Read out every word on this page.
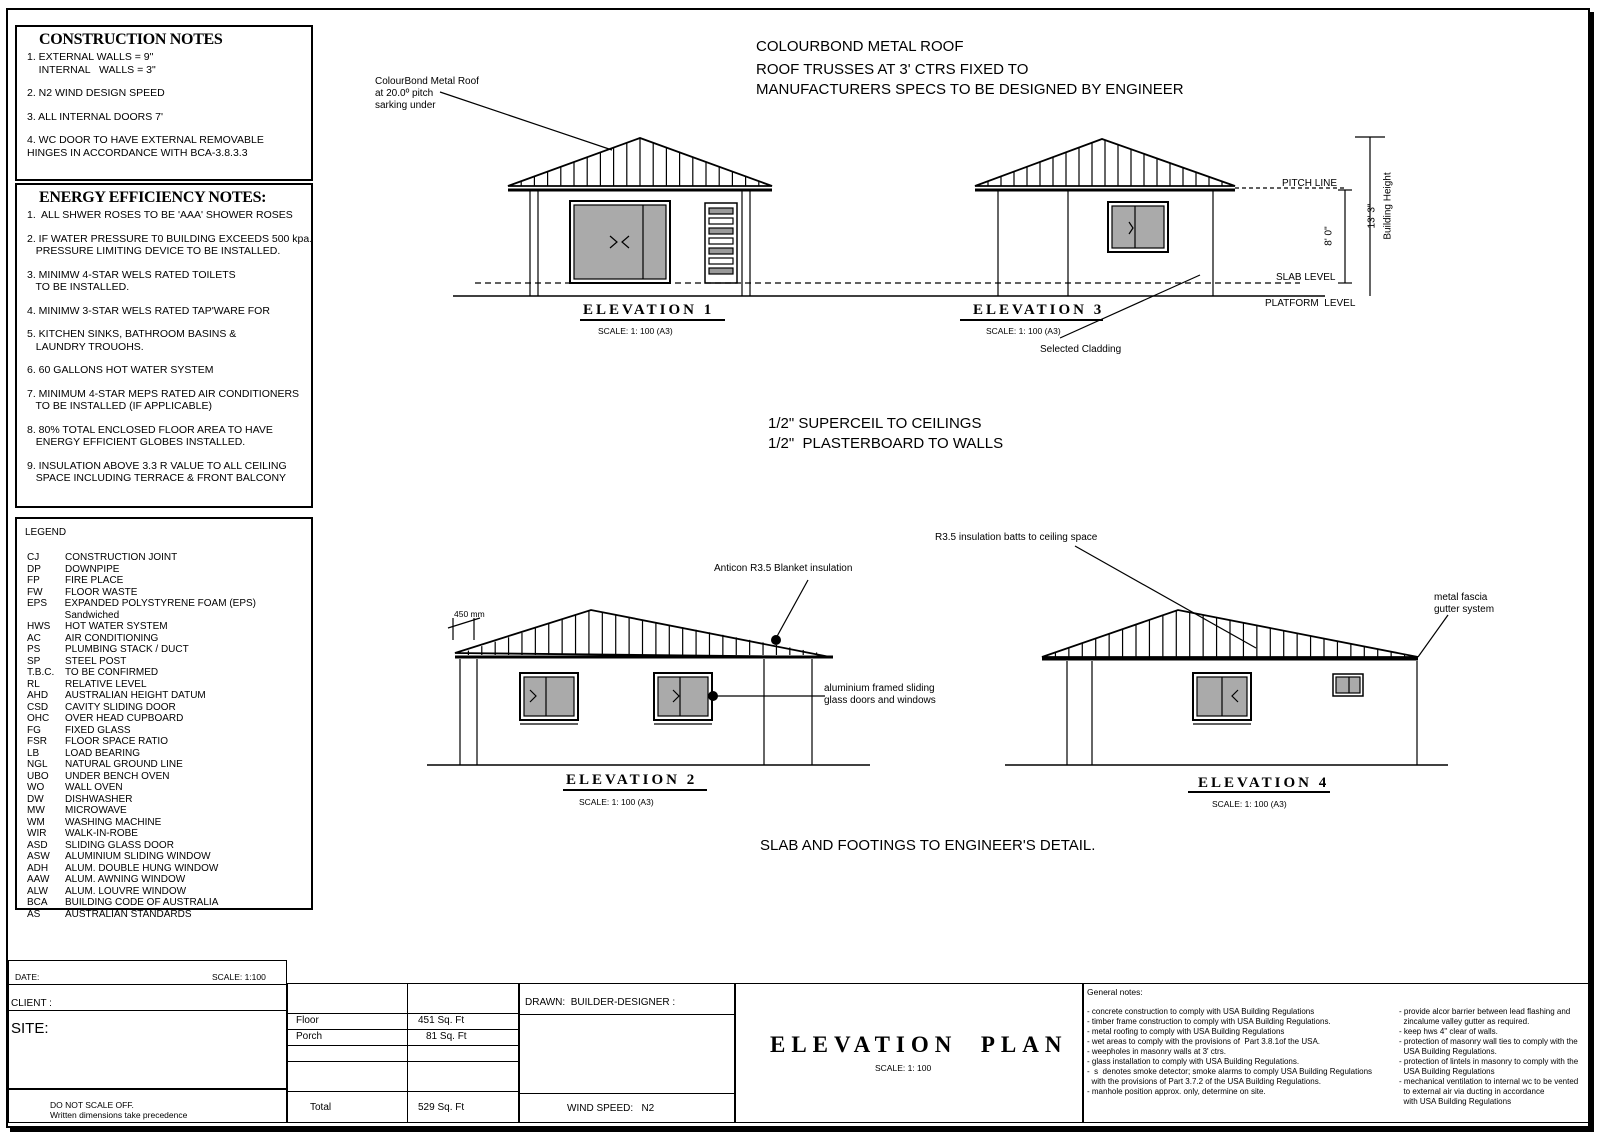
CONSTRUCTION NOTES
1. EXTERNAL WALLS = 9"
INTERNAL   WALLS = 3"
2. N2 WIND DESIGN SPEED
3. ALL INTERNAL DOORS 7'
4. WC DOOR TO HAVE EXTERNAL REMOVABLE
HINGES IN ACCORDANCE WITH BCA-3.8.3.3
ENERGY EFFICIENCY NOTES:
1.  ALL SHWER ROSES TO BE 'AAA' SHOWER ROSES
2. IF WATER PRESSURE T0 BUILDING EXCEEDS 500 kpa.
PRESSURE LIMITING DEVICE TO BE INSTALLED.
3. MINIMW 4-STAR WELS RATED TOILETS
TO BE INSTALLED.
4. MINIMW 3-STAR WELS RATED TAP'WARE FOR
5. KITCHEN SINKS, BATHROOM BASINS &
LAUNDRY TROUOHS.
6. 60 GALLONS HOT WATER SYSTEM
7. MINIMUM 4-STAR MEPS RATED AIR CONDITIONERS
TO BE INSTALLED (IF APPLICABLE)
8. 80% TOTAL ENCLOSED FLOOR AREA TO HAVE
ENERGY EFFICIENT GLOBES INSTALLED.
9. INSULATION ABOVE 3.3 R VALUE TO ALL CEILING
SPACE INCLUDING TERRACE & FRONT BALCONY
LEGEND
CJ	CONSTRUCTION JOINT
DP	DOWNPIPE
FP	FIRE PLACE
FW	FLOOR WASTE
EPS	EXPANDED POLYSTYRENE FOAM (EPS) Sandwiched
HWS	HOT WATER SYSTEM
AC	AIR CONDITIONING
PS	PLUMBING STACK / DUCT
SP	STEEL POST
T.B.C.	TO BE CONFIRMED
RL	RELATIVE LEVEL
AHD	AUSTRALIAN HEIGHT DATUM
CSD	CAVITY SLIDING DOOR
OHC	OVER HEAD CUPBOARD
FG	FIXED GLASS
FSR	FLOOR SPACE RATIO
LB	LOAD BEARING
NGL	NATURAL GROUND LINE
UBO	UNDER BENCH OVEN
WO	WALL OVEN
DW	DISHWASHER
MW	MICROWAVE
WM	WASHING MACHINE
WIR	WALK-IN-ROBE
ASD	SLIDING GLASS DOOR
ASW	ALUMINIUM SLIDING WINDOW
ADH	ALUM. DOUBLE HUNG WINDOW
AAW	ALUM. AWNING WINDOW
ALW	ALUM. LOUVRE WINDOW
BCA	BUILDING CODE OF AUSTRALIA
AS	AUSTRALIAN STANDARDS
COLOURBOND METAL ROOF
ROOF TRUSSES AT 3' CTRS FIXED TO
MANUFACTURERS SPECS TO BE DESIGNED BY ENGINEER
1/2" SUPERCEIL TO CEILINGS
1/2"  PLASTERBOARD TO WALLS
SLAB AND FOOTINGS TO ENGINEER'S DETAIL.
ColourBond Metal Roof
at 20.0º pitch
sarking under
PITCH LINE
SLAB LEVEL
PLATFORM  LEVEL
8' 0"
13' 3" Building Height
Selected Cladding
Anticon R3.5 Blanket insulation
450 mm
aluminium framed sliding
glass doors and windows
R3.5 insulation batts to ceiling space
metal fascia
gutter system
ELEVATION 1
SCALE: 1: 100 (A3)
ELEVATION 3
SCALE: 1: 100 (A3)
ELEVATION 2
SCALE: 1: 100 (A3)
ELEVATION 4
SCALE: 1: 100 (A3)
DATE:	SCALE: 1:100
CLIENT :
SITE:
DO NOT SCALE OFF.
Written dimensions take precedence
Floor	451 Sq. Ft
Porch	81 Sq. Ft
Total	529 Sq. Ft
DRAWN:  BUILDER-DESIGNER :
WIND SPEED:   N2
ELEVATION  PLAN
SCALE: 1: 100
General notes:
- concrete construction to comply with USA Building Regulations
- timber frame construction to comply with USA Building Regulations.
- metal roofing to comply with USA Building Regulations
- wet areas to comply with the provisions of  Part 3.8.1of the USA.
- weepholes in masonry walls at 3' ctrs.
- glass installation to comply with USA Building Regulations.
-  s  denotes smoke detector; smoke alarms to comply USA Building Regulations
with the provisions of Part 3.7.2 of the USA Building Regulations.
- manhole position approx. only, determine on site.
- provide alcor barrier between lead flashing and
zincalume valley gutter as required.
- keep hws 4" clear of walls.
- protection of masonry wall ties to comply with the
USA Building Regulations.
- protection of lintels in masonry to comply with the
USA Building Regulations
- mechanical ventilation to internal wc to be vented
to external air via ducting in accordance
with USA Building Regulations
